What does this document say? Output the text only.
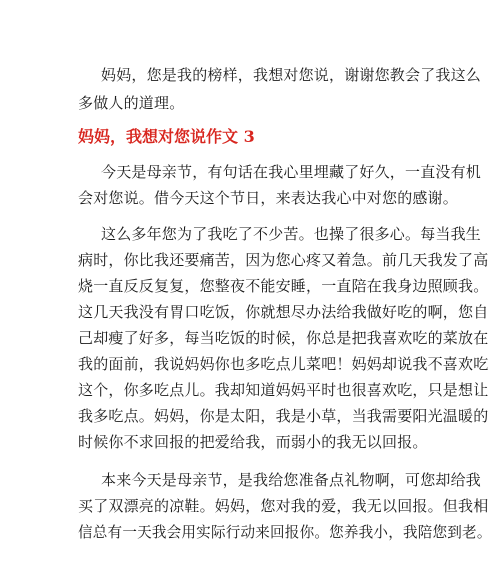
妈妈，您是我的榜样，我想对您说，谢谢您教会了我这么
多做人的道理。
妈妈，我想对您说作文 3
今天是母亲节，有句话在我心里埋藏了好久，一直没有机
会对您说。借今天这个节日，来表达我心中对您的感谢。
这么多年您为了我吃了不少苦。也操了很多心。每当我生
病时，你比我还要痛苦，因为您心疼又着急。前几天我发了高
烧一直反反复复，您整夜不能安睡，一直陪在我身边照顾我。
这几天我没有胃口吃饭，你就想尽办法给我做好吃的啊，您自
己却瘦了好多，每当吃饭的时候，你总是把我喜欢吃的菜放在
我的面前，我说妈妈你也多吃点儿菜吧！妈妈却说我不喜欢吃
这个，你多吃点儿。我却知道妈妈平时也很喜欢吃，只是想让
我多吃点。妈妈，你是太阳，我是小草，当我需要阳光温暖的
时候你不求回报的把爱给我，而弱小的我无以回报。
本来今天是母亲节，是我给您准备点礼物啊，可您却给我
买了双漂亮的凉鞋。妈妈，您对我的爱，我无以回报。但我相
信总有一天我会用实际行动来回报你。您养我小，我陪您到老。
